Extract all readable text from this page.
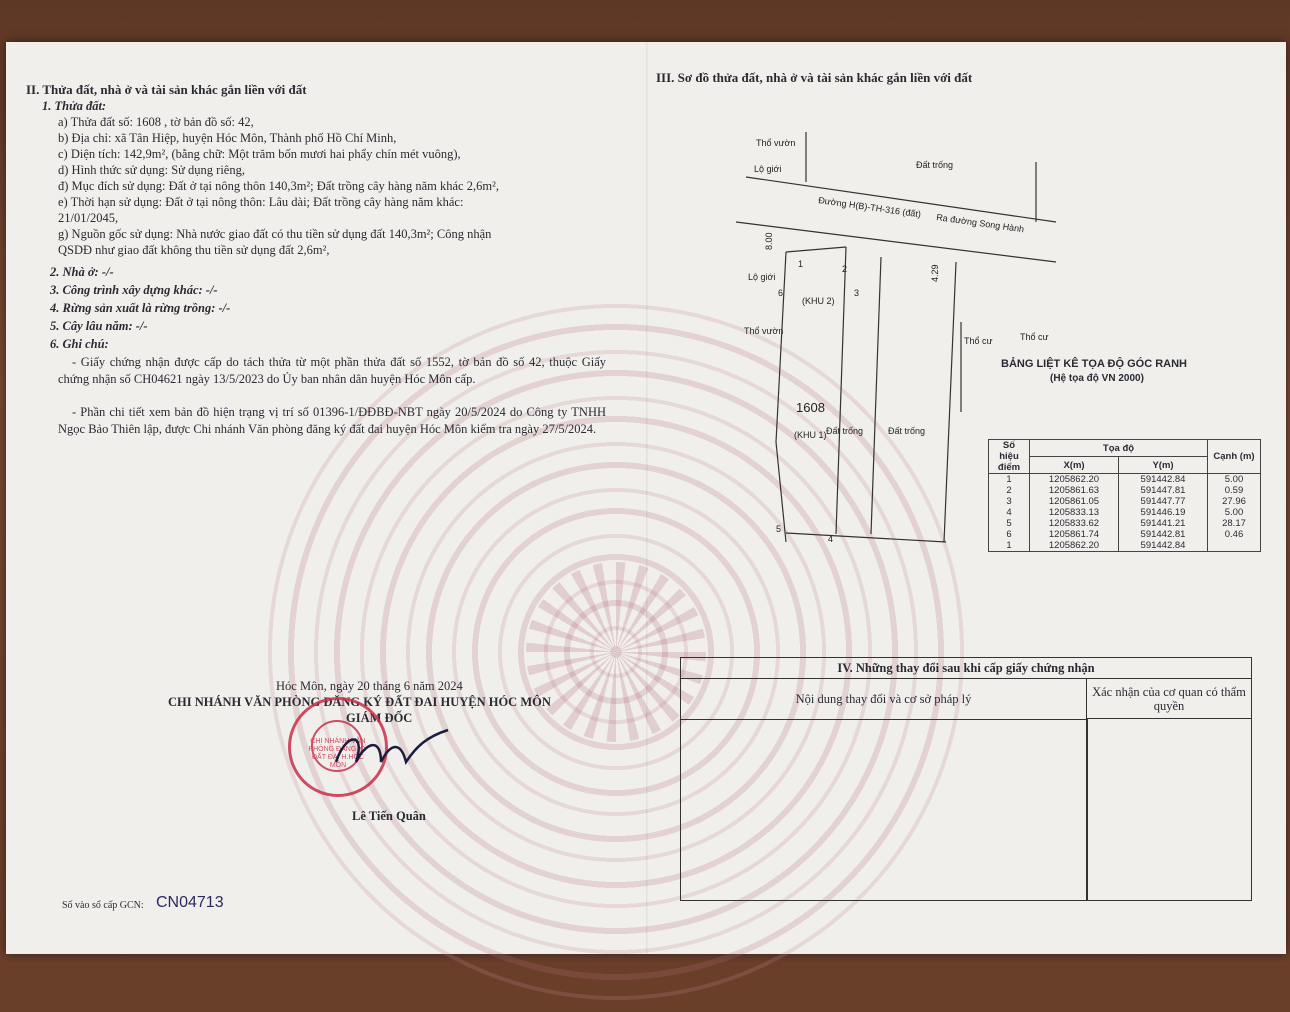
II. Thửa đất, nhà ở và tài sản khác gắn liền với đất
1. Thửa đất:
a) Thửa đất số: 1608 , tờ bản đồ số: 42,
b) Địa chỉ: xã Tân Hiệp, huyện Hóc Môn, Thành phố Hồ Chí Minh,
c) Diện tích: 142,9m², (bằng chữ: Một trăm bốn mươi hai phẩy chín mét vuông),
d) Hình thức sử dụng: Sử dụng riêng,
đ) Mục đích sử dụng: Đất ở tại nông thôn 140,3m²; Đất trồng cây hàng năm khác 2,6m²,
e) Thời hạn sử dụng: Đất ở tại nông thôn: Lâu dài; Đất trồng cây hàng năm khác:
21/01/2045,
g) Nguồn gốc sử dụng: Nhà nước giao đất có thu tiền sử dụng đất 140,3m²; Công nhận
QSDĐ như giao đất không thu tiền sử dụng đất 2,6m²,
2. Nhà ở: -/-
3. Công trình xây dựng khác: -/-
4. Rừng sản xuất là rừng trồng: -/-
5. Cây lâu năm: -/-
6. Ghi chú:
- Giấy chứng nhận được cấp do tách thửa từ một phần thửa đất số 1552, tờ bản đồ số 42, thuộc Giấy chứng nhận số CH04621 ngày 13/5/2023 do Ủy ban nhân dân huyện Hóc Môn cấp.
- Phần chi tiết xem bản đồ hiện trạng vị trí số 01396-1/ĐĐBĐ-NBT ngày 20/5/2024 do Công ty TNHH Ngọc Bảo Thiên lập, được Chi nhánh Văn phòng đăng ký đất đai huyện Hóc Môn kiểm tra ngày 27/5/2024.
Hóc Môn, ngày 20 tháng 6 năm 2024
CHI NHÁNH VĂN PHÒNG ĐĂNG KÝ ĐẤT ĐAI HUYỆN HÓC MÔN
GIÁM ĐỐC
CHI NHÁNH VĂN PHÒNG ĐĂNG KÝ ĐẤT ĐAI H.HÓC MÔN
Lê Tiến Quân
Số vào sổ cấp GCN: CN04713
III. Sơ đồ thửa đất, nhà ở và tài sản khác gắn liền với đất
Thổ vườn
Đất trống
Lộ giới
Đường H(B)-TH-316 (đất)
Ra đường Song Hành
8.00
4.29
Lộ giới
(KHU 2)
Thổ vườn
Thổ cư	Thổ cư
1608
(KHU 1) Đất trống	Đất trống
1	2
3
4
5
6
BẢNG LIỆT KÊ TỌA ĐỘ GÓC RANH
(Hệ tọa độ VN 2000)
Số hiệu điểm	Tọa độ		Cạnh (m)
	X(m)	Y(m)	
1	1205862.20	591442.84	5.00
2	1205861.63	591447.81	0.59
3	1205861.05	591447.77	27.96
4	1205833.13	591446.19	5.00
5	1205833.62	591441.21	28.17
6	1205861.74	591442.81	0.46
1	1205862.20	591442.84	
IV. Những thay đổi sau khi cấp giấy chứng nhận
Nội dung thay đổi và cơ sở pháp lý	Xác nhận của cơ quan có thẩm quyền
